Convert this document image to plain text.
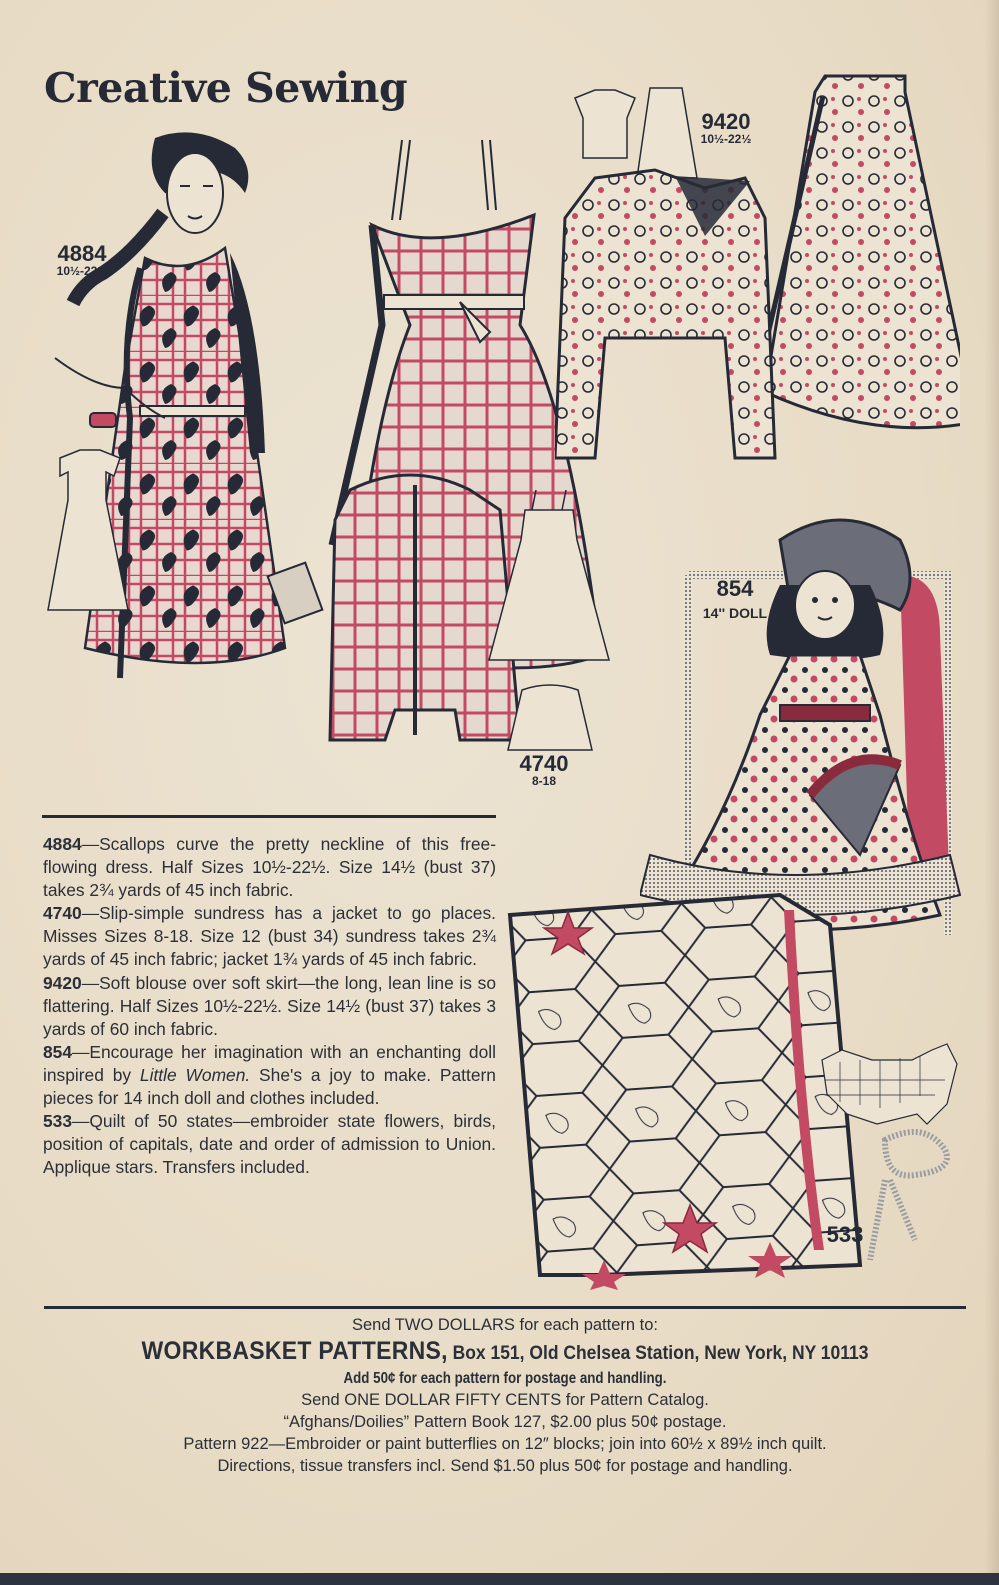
Creative Sewing
4884
10½-22½
4740
8-18
9420
10½-22½
854
14'' DOLL
533

4884—Scallops curve the pretty neckline of this free-flowing dress. Half Sizes 10½-22½. Size 14½ (bust 37) takes 2¾ yards of 45 inch fabric.

4740—Slip-simple sundress has a jacket to go places. Misses Sizes 8-18. Size 12 (bust 34) sundress takes 2¾ yards of 45 inch fabric; jacket 1¾ yards of 45 inch fabric.

9420—Soft blouse over soft skirt—the long, lean line is so flattering. Half Sizes 10½-22½. Size 14½ (bust 37) takes 3 yards of 60 inch fabric.

854—Encourage her imagination with an enchanting doll inspired by Little Women. She's a joy to make. Pattern pieces for 14 inch doll and clothes included.

533—Quilt of 50 states—embroider state flowers, birds, position of capitals, date and order of admission to Union. Applique stars. Transfers included.

Send TWO DOLLARS for each pattern to:
WORKBASKET PATTERNS, Box 151, Old Chelsea Station, New York, NY 10113
Add 50¢ for each pattern for postage and handling.
Send ONE DOLLAR FIFTY CENTS for Pattern Catalog.
“Afghans/Doilies” Pattern Book 127, $2.00 plus 50¢ postage.
Pattern 922—Embroider or paint butterflies on 12″ blocks; join into 60½ x 89½ inch quilt.
Directions, tissue transfers incl. Send $1.50 plus 50¢ for postage and handling.
